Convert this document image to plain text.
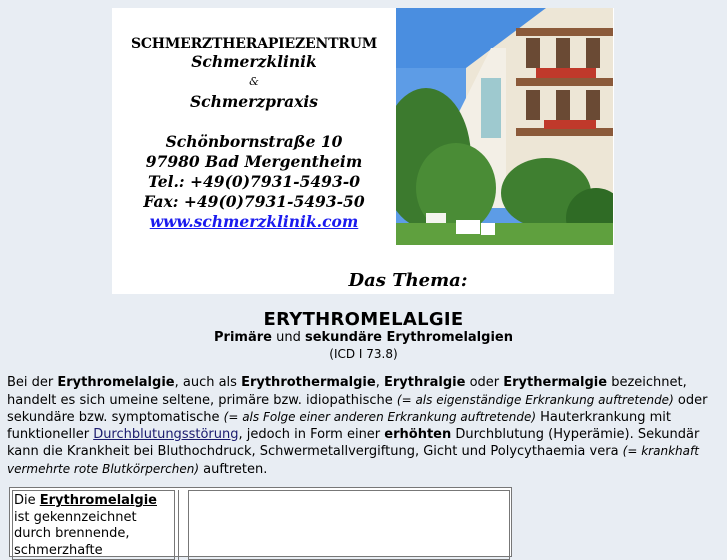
SCHMERZTHERAPIEZENTRUM
Schmerzklinik
&
Schmerzpraxis
Schönbornstraße 10
97980 Bad Mergentheim
Tel.: +49(0)7931-5493-0
Fax: +49(0)7931-5493-50
www.schmerzklinik.com
Das Thema:
ERYTHROMELALGIE
Primäre und sekundäre Erythromelalgien
(ICD I 73.8)
Bei der Erythromelalgie, auch als Erythrothermalgie, Erythralgie oder Erythermalgie bezeichnet, handelt es sich umeine seltene, primäre bzw. idiopathische (= als eigenständige Erkrankung auftretende) oder sekundäre bzw. symptomatische (= als Folge einer anderen Erkrankung auftretende) Hauterkrankung mit funktioneller Durchblutungsstörung, jedoch in Form einer erhöhten Durchblutung (Hyperämie). Sekundär kann die Krankheit bei Bluthochdruck, Schwermetallvergiftung, Gicht und Polycythaemia vera (= krankhaft vermehrte rote Blutkörperchen) auftreten.
Die Erythromelalgie ist gekennzeichnet durch brennende, schmerzhafte
